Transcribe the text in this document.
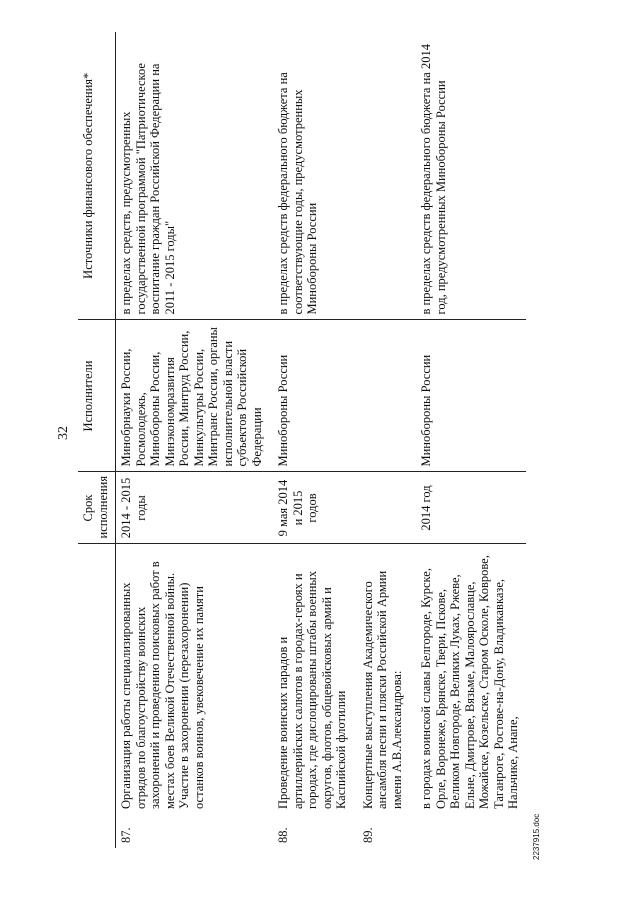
32
		Срок исполнения	Исполнители	Источники финансового обеспечения*
87.	Организация работы специализированных отрядов по благоустройству воинских захоронений и проведению поисковых работ в местах боев Великой Отечественной войны. Участие в захоронении (перезахоронении) останков воинов, увековечение их памяти	2014 - 2015 годы	Минобрнауки России, Росмолодежь, Минобороны России, Минэкономразвития России, Минтруд России, Минкультуры России, Минтранс России, органы исполнительной власти субъектов Российской Федерации	в пределах средств, предусмотренных государственной программой "Патриотическое воспитание граждан Российской Федерации на 2011 - 2015 годы"

88.	Проведение воинских парадов и артиллерийских салютов в городах-героях и городах, где дислоцированы штабы военных округов, флотов, общевойсковых армий и Каспийской флотилии	9 мая 2014 и 2015 годов	Минобороны России	в пределах средств федерального бюджета на соответствующие годы, предусмотренных Минобороны России

89.	Концертные выступления Академического ансамбля песни и пляски Российской Армии имени А.В.Александрова:			
	в городах воинской славы Белгороде, Курске, Орле, Воронеже, Брянске, Твери, Пскове, Великом Новгороде, Великих Луках, Ржеве, Ельне, Дмитрове, Вязьме, Малоярославце, Можайске, Козельске, Старом Осколе, Коврове, Таганроге, Ростове-на-Дону, Владикавказе, Нальчике, Анапе,	2014 год	Минобороны России	в пределах средств федерального бюджета на 2014 год, предусмотренных Минобороны России
2237915.doc
